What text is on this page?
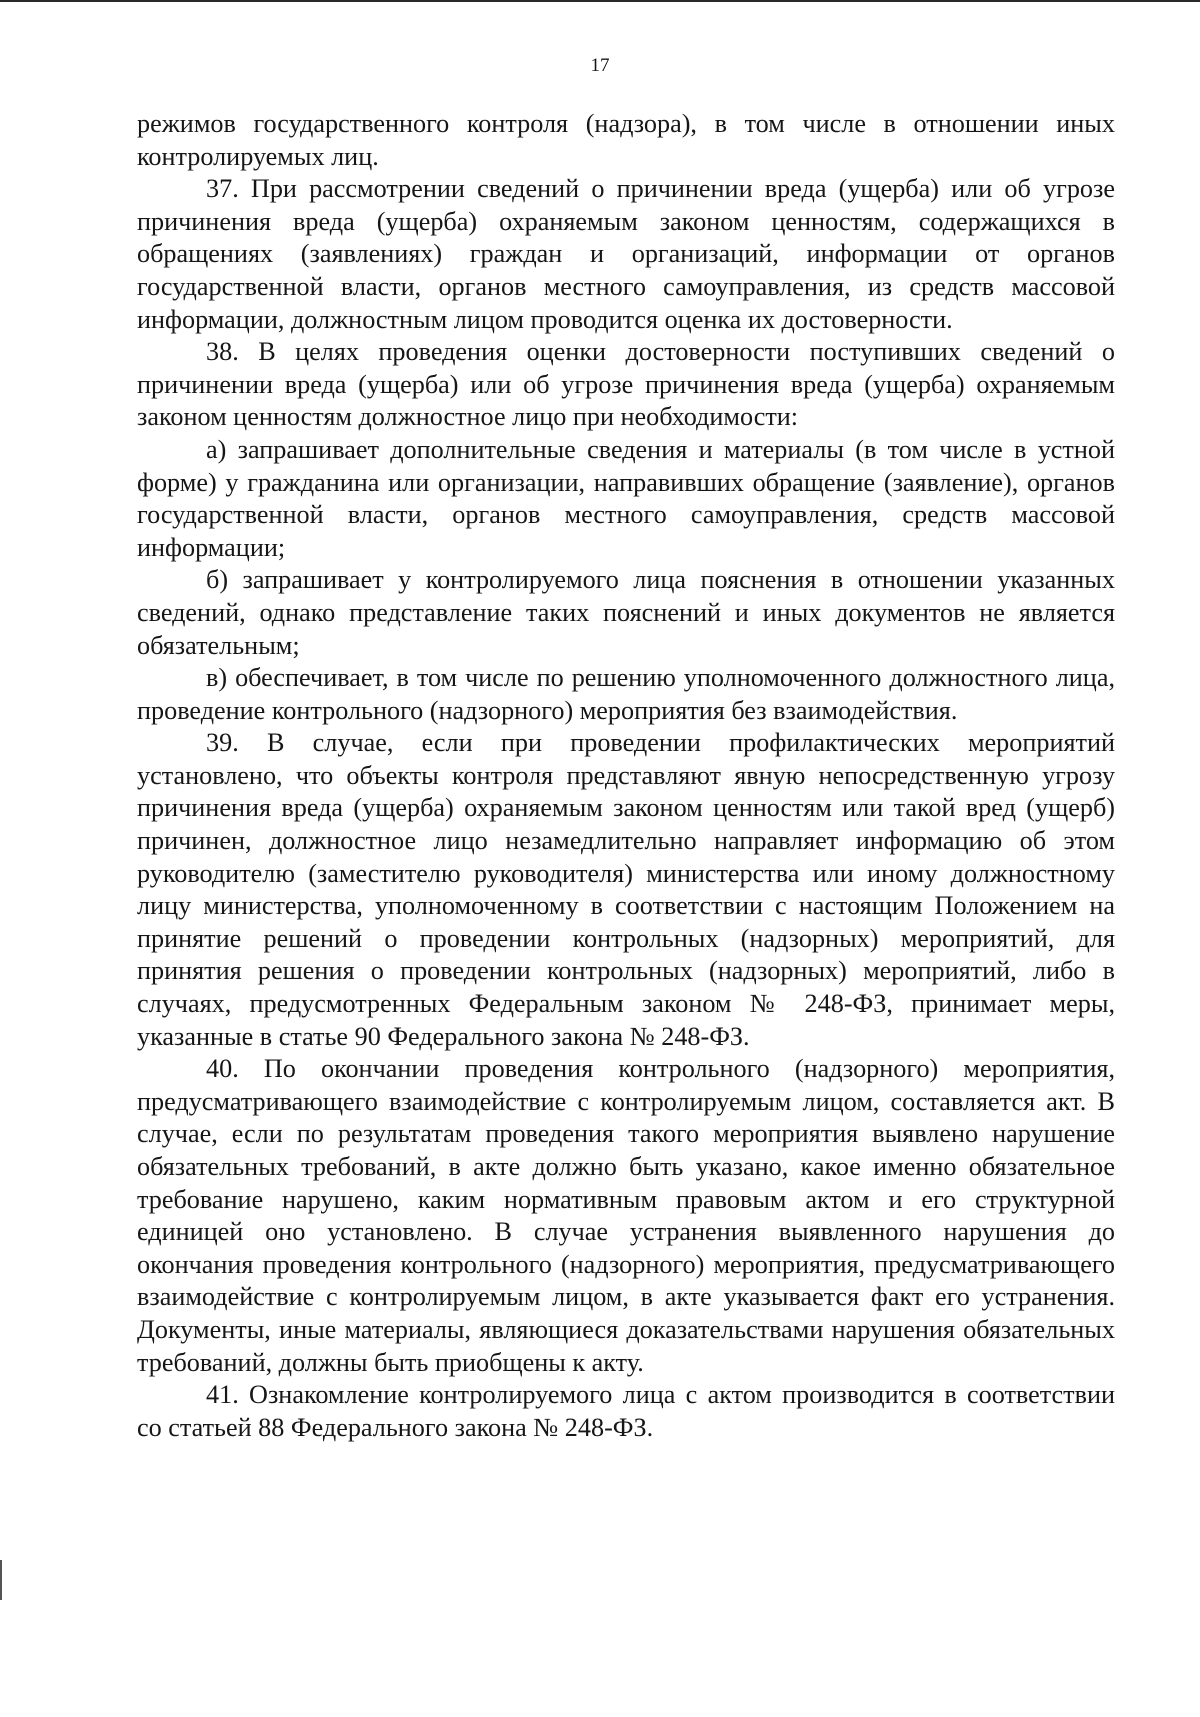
17

режимов государственного контроля (надзора), в том числе в отношении иных контролируемых лиц.

37. При рассмотрении сведений о причинении вреда (ущерба) или об угрозе причинения вреда (ущерба) охраняемым законом ценностям, содержащихся в обращениях (заявлениях) граждан и организаций, информации от органов государственной власти, органов местного самоуправления, из средств массовой информации, должностным лицом проводится оценка их достоверности.

38. В целях проведения оценки достоверности поступивших сведений о причинении вреда (ущерба) или об угрозе причинения вреда (ущерба) охраняемым законом ценностям должностное лицо при необходимости:

а) запрашивает дополнительные сведения и материалы (в том числе в устной форме) у гражданина или организации, направивших обращение (заявление), органов государственной власти, органов местного самоуправления, средств массовой информации;

б) запрашивает у контролируемого лица пояснения в отношении указанных сведений, однако представление таких пояснений и иных документов не является обязательным;

в) обеспечивает, в том числе по решению уполномоченного должностного лица, проведение контрольного (надзорного) мероприятия без взаимодействия.

39. В случае, если при проведении профилактических мероприятий установлено, что объекты контроля представляют явную непосредственную угрозу причинения вреда (ущерба) охраняемым законом ценностям или такой вред (ущерб) причинен, должностное лицо незамедлительно направляет информацию об этом руководителю (заместителю руководителя) министерства или иному должностному лицу министерства, уполномоченному в соответствии с настоящим Положением на принятие решений о проведении контрольных (надзорных) мероприятий, для принятия решения о проведении контрольных (надзорных) мероприятий, либо в случаях, предусмотренных Федеральным законом № 248-ФЗ, принимает меры, указанные в статье 90 Федерального закона № 248-ФЗ.

40. По окончании проведения контрольного (надзорного) мероприятия, предусматривающего взаимодействие с контролируемым лицом, составляется акт. В случае, если по результатам проведения такого мероприятия выявлено нарушение обязательных требований, в акте должно быть указано, какое именно обязательное требование нарушено, каким нормативным правовым актом и его структурной единицей оно установлено. В случае устранения выявленного нарушения до окончания проведения контрольного (надзорного) мероприятия, предусматривающего взаимодействие с контролируемым лицом, в акте указывается факт его устранения. Документы, иные материалы, являющиеся доказательствами нарушения обязательных требований, должны быть приобщены к акту.

41. Ознакомление контролируемого лица с актом производится в соответствии со статьей 88 Федерального закона № 248-ФЗ.
